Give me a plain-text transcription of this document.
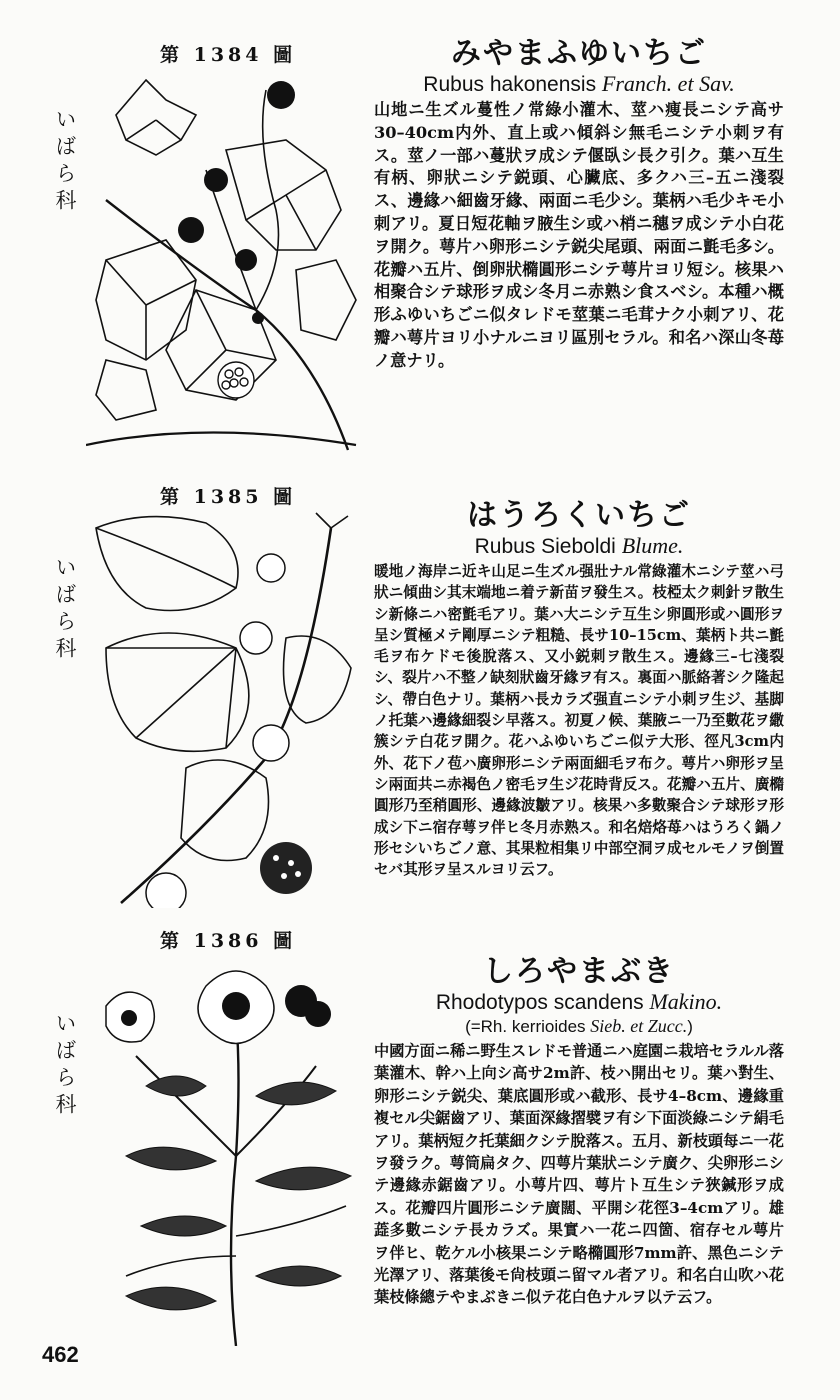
第 1384 圖
いばら科
みやまふゆいちご
Rubus hakonensis Franch. et Sav.

山地ニ生ズル蔓性ノ常綠小灌木、莖ハ痩長ニシテ高サ30–40cm内外、直上或ハ傾斜シ無毛ニシテ小刺ヲ有ス。莖ノ一部ハ蔓狀ヲ成シテ偃臥シ長ク引ク。葉ハ互生有柄、卵狀ニシテ鋭頭、心臟底、多クハ三–五ニ淺裂ス、邊緣ハ細齒牙緣、兩面ニ毛少シ。葉柄ハ毛少キモ小刺アリ。夏日短花軸ヲ腋生シ或ハ梢ニ穗ヲ成シテ小白花ヲ開ク。萼片ハ卵形ニシテ鋭尖尾頭、兩面ニ氈毛多シ。花瓣ハ五片、倒卵狀橢圓形ニシテ萼片ヨリ短シ。核果ハ相聚合シテ球形ヲ成シ冬月ニ赤熟シ食スベシ。本種ハ概形ふゆいちごニ似タレドモ莖葉ニ毛茸ナク小刺アリ、花瓣ハ萼片ヨリ小ナルニヨリ區別セラル。和名ハ深山冬苺ノ意ナリ。

第 1385 圖
いばら科
はうろくいちご
Rubus Sieboldi Blume.

暖地ノ海岸ニ近キ山足ニ生ズル强壯ナル常綠灌木ニシテ莖ハ弓狀ニ傾曲シ其末端地ニ着テ新苗ヲ發生ス。枝椏太ク刺針ヲ散生シ新條ニハ密氈毛アリ。葉ハ大ニシテ互生シ卵圓形或ハ圓形ヲ呈シ質極メテ剛厚ニシテ粗糙、長サ10–15cm、葉柄ト共ニ氈毛ヲ布ケドモ後脫落ス、又小鋭刺ヲ散生ス。邊緣三–七淺裂シ、裂片ハ不整ノ缺刻狀齒牙緣ヲ有ス。裏面ハ脈絡著シク隆起シ、帶白色ナリ。葉柄ハ長カラズ强直ニシテ小刺ヲ生ジ、基脚ノ托葉ハ邊緣細裂シ早落ス。初夏ノ候、葉腋ニ一乃至數花ヲ繖簇シテ白花ヲ開ク。花ハふゆいちごニ似テ大形、徑凡3cm内外、花下ノ苞ハ廣卵形ニシテ兩面細毛ヲ布ク。萼片ハ卵形ヲ呈シ兩面共ニ赤褐色ノ密毛ヲ生ジ花時背反ス。花瓣ハ五片、廣橢圓形乃至稍圓形、邊緣波皺アリ。核果ハ多數聚合シテ球形ヲ形成シ下ニ宿存萼ヲ伴ヒ冬月赤熟ス。和名焙烙苺ハはうろく鍋ノ形セシいちごノ意、其果粒相集リ中部空洞ヲ成セルモノヲ倒置セバ其形ヲ呈スルヨリ云フ。

第 1386 圖
いばら科
しろやまぶき
Rhodotypos scandens Makino.
(=Rh. kerrioides Sieb. et Zucc.)

中國方面ニ稀ニ野生スレドモ普通ニハ庭園ニ栽培セラルル落葉灌木、幹ハ上向シ高サ2m許、枝ハ開出セリ。葉ハ對生、卵形ニシテ鋭尖、葉底圓形或ハ截形、長サ4–8cm、邊緣重複セル尖鋸齒アリ、葉面深緣摺襞ヲ有シ下面淡綠ニシテ絹毛アリ。葉柄短ク托葉細クシテ脫落ス。五月、新枝頭每ニ一花ヲ發ラク。萼筒扁タク、四萼片葉狀ニシテ廣ク、尖卵形ニシテ邊緣赤鋸齒アリ。小萼片四、萼片ト互生シテ狹鍼形ヲ成ス。花瓣四片圓形ニシテ廣闊、平開シ花徑3–4cmアリ。雄蕋多數ニシテ長カラズ。果實ハ一花ニ四箇、宿存セル萼片ヲ伴ヒ、乾ケル小核果ニシテ略橢圓形7mm許、黑色ニシテ光澤アリ、落葉後モ尙枝頭ニ留マル者アリ。和名白山吹ハ花葉枝條總テやまぶきニ似テ花白色ナルヲ以テ云フ。

462
